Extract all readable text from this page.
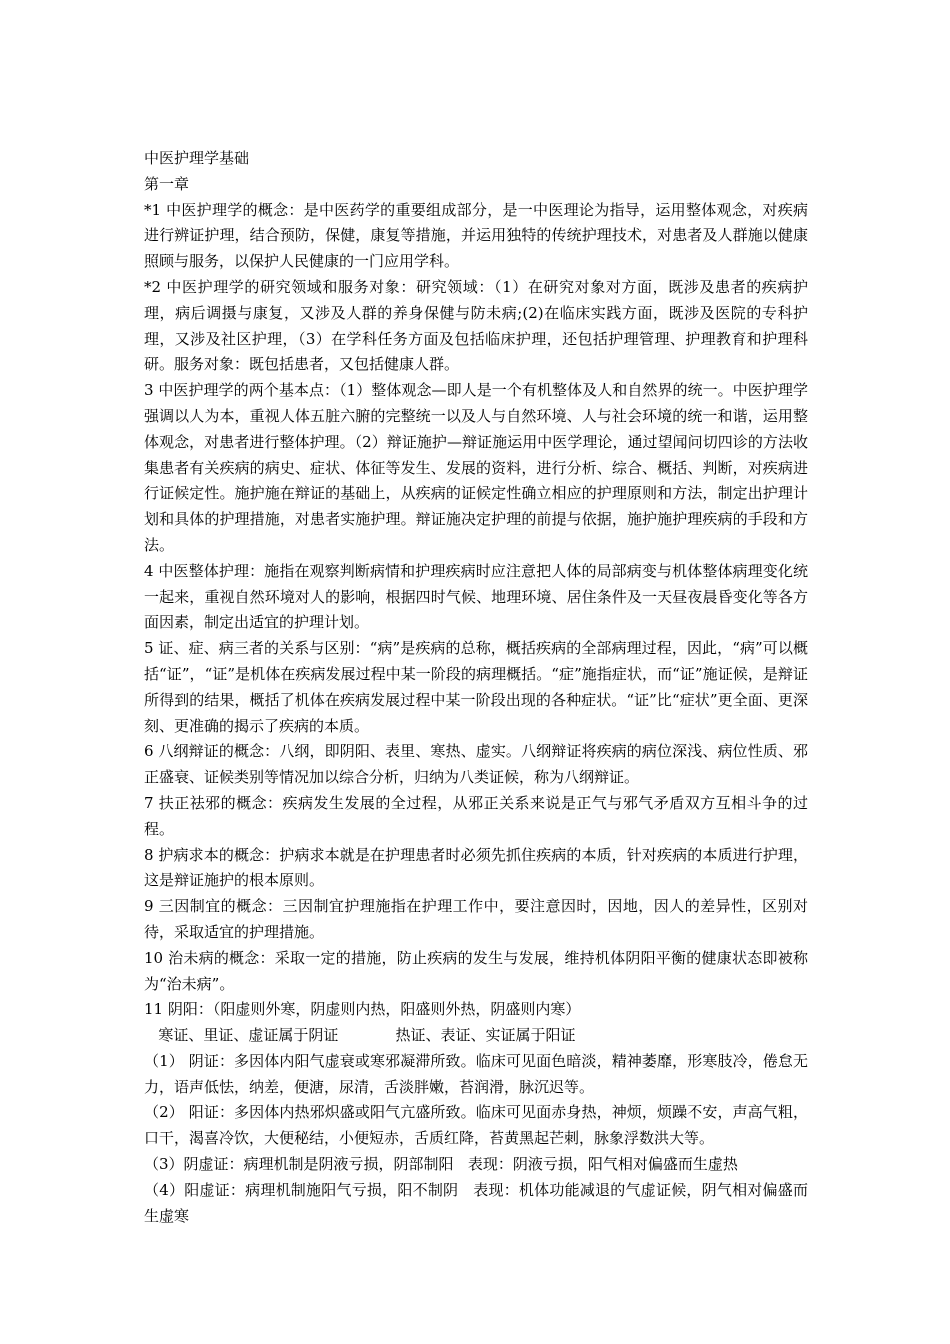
中医护理学基础

第一章

*1 中医护理学的概念：是中医药学的重要组成部分，是一中医理论为指导，运用整体观念，对疾病进行辨证护理，结合预防，保健，康复等措施，并运用独特的传统护理技术，对患者及人群施以健康照顾与服务，以保护人民健康的一门应用学科。

*2 中医护理学的研究领域和服务对象：研究领域：（1）在研究对象对方面，既涉及患者的疾病护理，病后调摄与康复，又涉及人群的养身保健与防未病;(2)在临床实践方面，既涉及医院的专科护理，又涉及社区护理，（3）在学科任务方面及包括临床护理，还包括护理管理、护理教育和护理科研。服务对象：既包括患者，又包括健康人群。

3 中医护理学的两个基本点：（1）整体观念—即人是一个有机整体及人和自然界的统一。中医护理学强调以人为本，重视人体五脏六腑的完整统一以及人与自然环境、人与社会环境的统一和谐，运用整体观念，对患者进行整体护理。（2）辩证施护—辩证施运用中医学理论，通过望闻问切四诊的方法收集患者有关疾病的病史、症状、体征等发生、发展的资料，进行分析、综合、概括、判断，对疾病进行证候定性。施护施在辩证的基础上，从疾病的证候定性确立相应的护理原则和方法，制定出护理计划和具体的护理措施，对患者实施护理。辩证施决定护理的前提与依据，施护施护理疾病的手段和方法。

4 中医整体护理：施指在观察判断病情和护理疾病时应注意把人体的局部病变与机体整体病理变化统一起来，重视自然环境对人的影响，根据四时气候、地理环境、居住条件及一天昼夜晨昏变化等各方面因素，制定出适宜的护理计划。

5 证、症、病三者的关系与区别：“病”是疾病的总称，概括疾病的全部病理过程，因此，“病”可以概括“证”，“证”是机体在疾病发展过程中某一阶段的病理概括。“症”施指症状，而“证”施证候，是辩证所得到的结果，概括了机体在疾病发展过程中某一阶段出现的各种症状。“证”比“症状”更全面、更深刻、更准确的揭示了疾病的本质。

6 八纲辩证的概念：八纲，即阴阳、表里、寒热、虚实。八纲辩证将疾病的病位深浅、病位性质、邪正盛衰、证候类别等情况加以综合分析，归纳为八类证候，称为八纲辩证。

7 扶正祛邪的概念：疾病发生发展的全过程，从邪正关系来说是正气与邪气矛盾双方互相斗争的过程。

8 护病求本的概念：护病求本就是在护理患者时必须先抓住疾病的本质，针对疾病的本质进行护理，这是辩证施护的根本原则。

9 三因制宜的概念：三因制宜护理施指在护理工作中，要注意因时，因地，因人的差异性，区别对待，采取适宜的护理措施。

10 治未病的概念：采取一定的措施，防止疾病的发生与发展，维持机体阴阳平衡的健康状态即被称为“治未病”。

11 阴阳：（阳虚则外寒，阴虚则内热，阳盛则外热，阴盛则内寒）

寒证、里证、虚证属于阴证            热证、表证、实证属于阳证

（1） 阴证：多因体内阳气虚衰或寒邪凝滞所致。临床可见面色暗淡，精神萎靡，形寒肢冷，倦怠无力，语声低怯，纳差，便溏，尿清，舌淡胖嫩，苔润滑，脉沉迟等。

（2） 阳证：多因体内热邪炽盛或阳气亢盛所致。临床可见面赤身热，神烦，烦躁不安，声高气粗，口干，渴喜冷饮，大便秘结，小便短赤，舌质红降，苔黄黑起芒刺，脉象浮数洪大等。

（3）阴虚证：病理机制是阴液亏损，阴部制阳   表现：阴液亏损，阳气相对偏盛而生虚热

（4）阳虚证：病理机制施阳气亏损，阳不制阴   表现：机体功能减退的气虚证候，阴气相对偏盛而生虚寒
